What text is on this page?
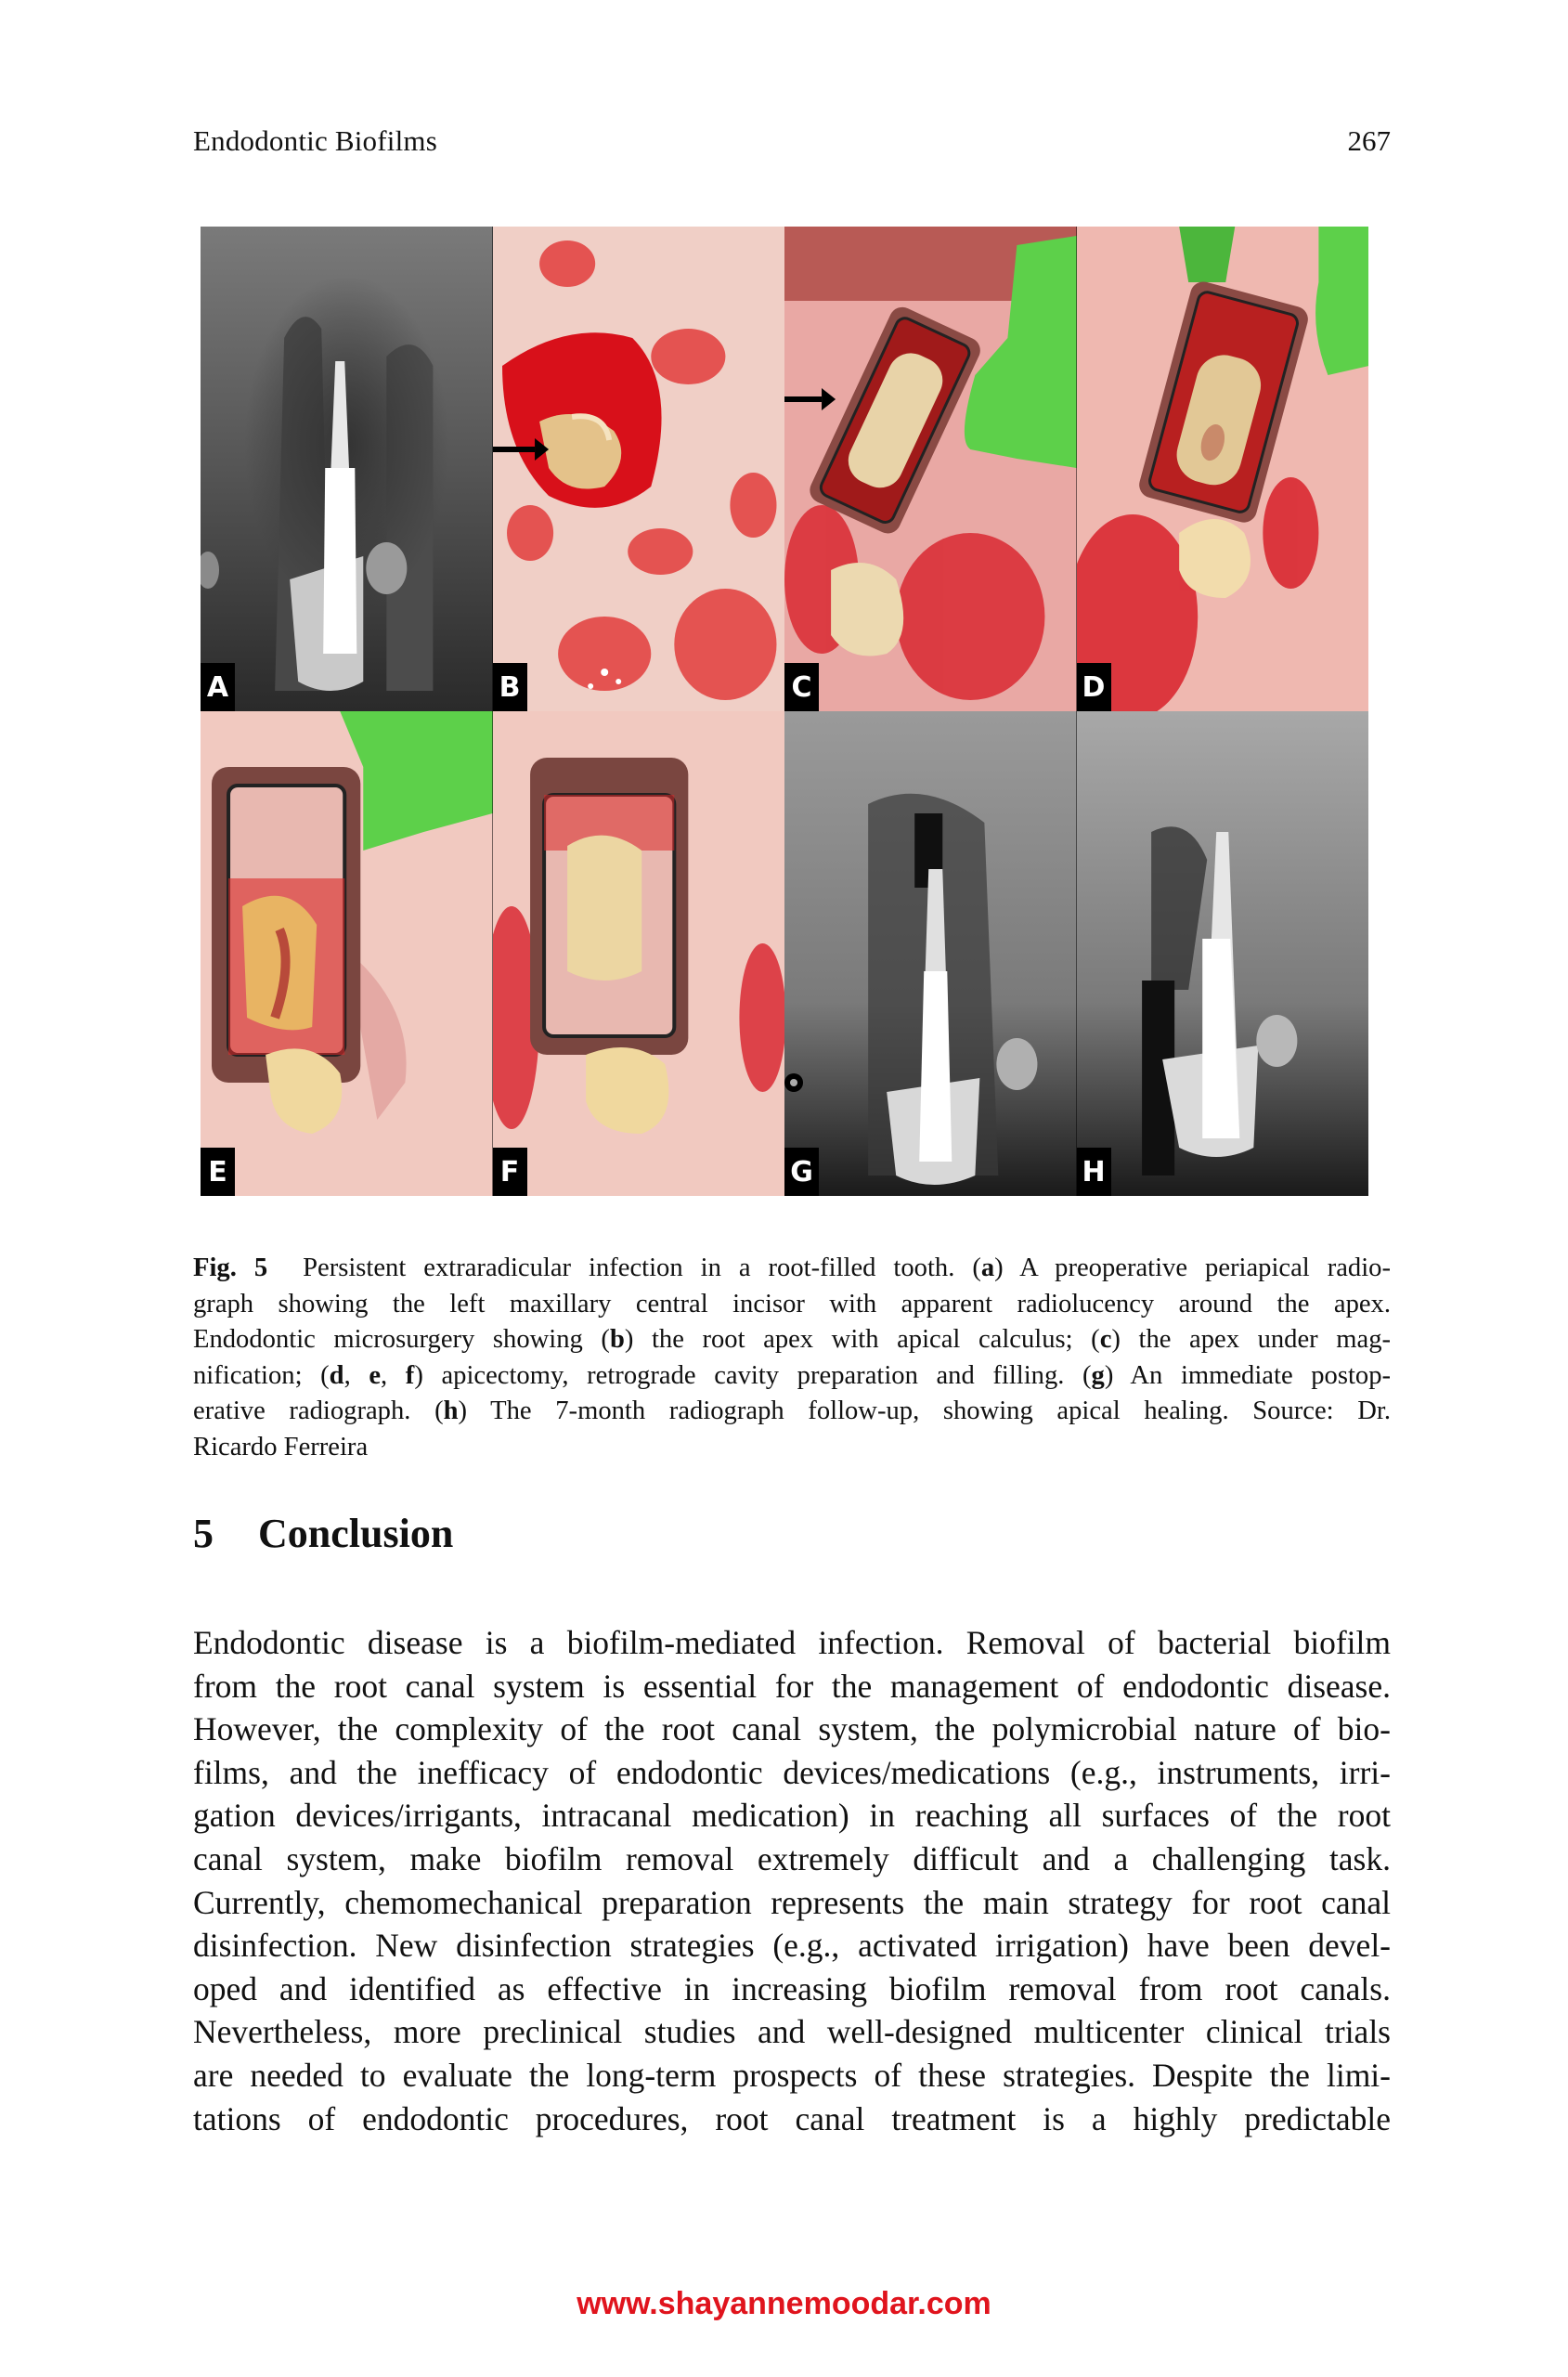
Endodontic Biofilms	267
A	B	C	D
E	F	G	H
Fig. 5  Persistent extraradicular infection in a root-filled tooth. (a) A preoperative periapical radio-
graph showing the left maxillary central incisor with apparent radiolucency around the apex.
Endodontic microsurgery showing (b) the root apex with apical calculus; (c) the apex under mag-
nification; (d, e, f) apicectomy, retrograde cavity preparation and filling. (g) An immediate postop-
erative radiograph. (h) The 7-month radiograph follow-up, showing apical healing. Source: Dr.
Ricardo Ferreira
5 Conclusion
Endodontic disease is a biofilm-mediated infection. Removal of bacterial biofilm
from the root canal system is essential for the management of endodontic disease.
However, the complexity of the root canal system, the polymicrobial nature of bio-
films, and the inefficacy of endodontic devices/medications (e.g., instruments, irri-
gation devices/irrigants, intracanal medication) in reaching all surfaces of the root
canal system, make biofilm removal extremely difficult and a challenging task.
Currently, chemomechanical preparation represents the main strategy for root canal
disinfection. New disinfection strategies (e.g., activated irrigation) have been devel-
oped and identified as effective in increasing biofilm removal from root canals.
Nevertheless, more preclinical studies and well-designed multicenter clinical trials
are needed to evaluate the long-term prospects of these strategies. Despite the limi-
tations of endodontic procedures, root canal treatment is a highly predictable
www.shayannemoodar.com
